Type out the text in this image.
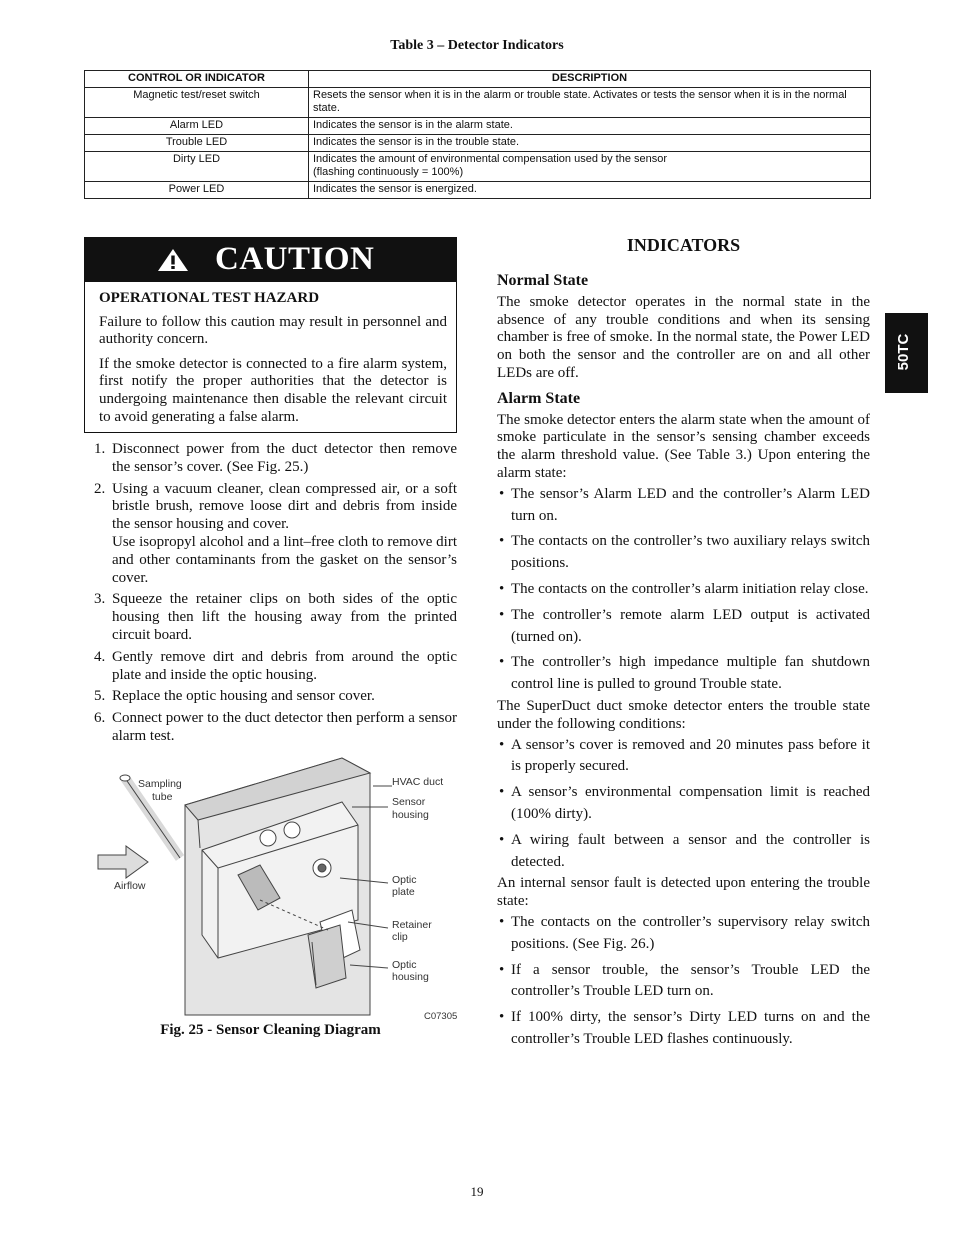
Table 3 – Detector Indicators
CONTROL OR INDICATOR	DESCRIPTION
Magnetic test/reset switch	Resets the sensor when it is in the alarm or trouble state. Activates or tests the sensor when it is in the normal state.
Alarm LED	Indicates the sensor is in the alarm state.
Trouble LED	Indicates the sensor is in the trouble state.
Dirty LED	Indicates the amount of environmental compensation used by the sensor
(flashing continuously = 100%)

Power LED	Indicates the sensor is energized.
CAUTION
OPERATIONAL TEST HAZARD

Failure to follow this caution may result in personnel and authority concern.

If the smoke detector is connected to a fire alarm system, first notify the proper authorities that the detector is undergoing maintenance then disable the relevant circuit to avoid generating a false alarm.

1. Disconnect power from the duct detector then remove the sensor’s cover. (See Fig. 25.)
2. Using a vacuum cleaner, clean compressed air, or a soft bristle brush, remove loose dirt and debris from inside the sensor housing and cover.
Use isopropyl alcohol and a lint–free cloth to remove dirt and other contaminants from the gasket on the sensor’s cover.
3. Squeeze the retainer clips on both sides of the optic housing then lift the housing away from the printed circuit board.
4. Gently remove dirt and debris from around the optic plate and inside the optic housing.
5. Replace the optic housing and sensor cover.
6. Connect power to the duct detector then perform a sensor alarm test.
Sampling
tube
Airflow
HVAC duct
Sensor
housing
Optic
plate
Retainer
clip
Optic
housing
C07305
Fig. 25 - Sensor Cleaning Diagram
INDICATORS
Normal State
The smoke detector operates in the normal state in the absence of any trouble conditions and when its sensing chamber is free of smoke. In the normal state, the Power LED on both the sensor and the controller are on and all other LEDs are off.
Alarm State
The smoke detector enters the alarm state when the amount of smoke particulate in the sensor’s sensing chamber exceeds the alarm threshold value. (See Table 3.) Upon entering the alarm state:

• The sensor’s Alarm LED and the controller’s Alarm LED turn on.

• The contacts on the controller’s two auxiliary relays switch positions.

• The contacts on the controller’s alarm initiation relay close.

• The controller’s remote alarm LED output is activated (turned on).

• The controller’s high impedance multiple fan shutdown control line is pulled to ground Trouble state.

The SuperDuct duct smoke detector enters the trouble state under the following conditions:

• A sensor’s cover is removed and 20 minutes pass before it is properly secured.

• A sensor’s environmental compensation limit is reached (100% dirty).

• A wiring fault between a sensor and the controller is detected.

An internal sensor fault is detected upon entering the trouble state:

• The contacts on the controller’s supervisory relay switch positions. (See Fig. 26.)

• If a sensor trouble, the sensor’s Trouble LED the controller’s Trouble LED turn on.

• If 100% dirty, the sensor’s Dirty LED turns on and the controller’s Trouble LED flashes continuously.

50TC
19
